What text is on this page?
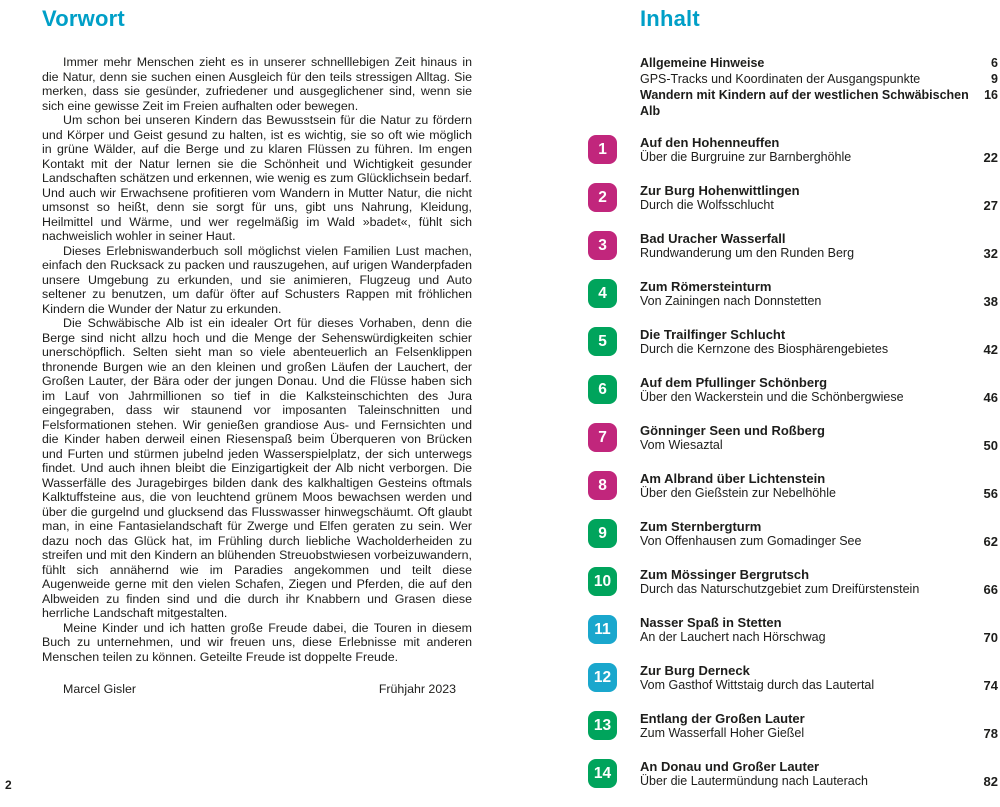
Vorwort

Immer mehr Menschen zieht es in unserer schnelllebigen Zeit hinaus in die Natur, denn sie suchen einen Ausgleich für den teils stressigen Alltag. Sie merken, dass sie gesünder, zufriedener und ausgeglichener sind, wenn sie sich eine gewisse Zeit im Freien aufhalten oder bewegen.

Um schon bei unseren Kindern das Bewusstsein für die Natur zu fördern und Körper und Geist gesund zu halten, ist es wichtig, sie so oft wie möglich in grüne Wälder, auf die Berge und zu klaren Flüssen zu führen. Im engen Kontakt mit der Natur lernen sie die Schönheit und Wichtigkeit gesunder Landschaften schätzen und erkennen, wie wenig es zum Glücklichsein bedarf. Und auch wir Erwachsene profitieren vom Wandern in Mutter Natur, die nicht umsonst so heißt, denn sie sorgt für uns, gibt uns Nahrung, Kleidung, Heilmittel und Wärme, und wer regelmäßig im Wald »badet«, fühlt sich nachweislich wohler in seiner Haut.

Dieses Erlebniswanderbuch soll möglichst vielen Familien Lust machen, einfach den Rucksack zu packen und rauszugehen, auf urigen Wanderpfaden unsere Umgebung zu erkunden, und sie animieren, Flugzeug und Auto seltener zu benutzen, um dafür öfter auf Schusters Rappen mit fröhlichen Kindern die Wunder der Natur zu erkunden.

Die Schwäbische Alb ist ein idealer Ort für dieses Vorhaben, denn die Berge sind nicht allzu hoch und die Menge der Sehenswürdigkeiten schier unerschöpflich. Selten sieht man so viele abenteuerlich an Felsenklippen thronende Burgen wie an den kleinen und großen Läufen der Lauchert, der Großen Lauter, der Bära oder der jungen Donau. Und die Flüsse haben sich im Lauf von Jahrmillionen so tief in die Kalksteinschichten des Jura eingegraben, dass wir staunend vor imposanten Taleinschnitten und Felsformationen stehen. Wir genießen grandiose Aus- und Fernsichten und die Kinder haben derweil einen Riesenspaß beim Überqueren von Brücken und Furten und stürmen jubelnd jeden Wasserspielplatz, der sich unterwegs findet. Und auch ihnen bleibt die Einzigartigkeit der Alb nicht verborgen. Die Wasserfälle des Juragebirges bilden dank des kalkhaltigen Gesteins oftmals Kalktuffsteine aus, die von leuchtend grünem Moos bewachsen werden und über die gurgelnd und glucksend das Flusswasser hinwegschäumt. Oft glaubt man, in eine Fantasielandschaft für Zwerge und Elfen geraten zu sein. Wer dazu noch das Glück hat, im Frühling durch liebliche Wacholderheiden zu streifen und mit den Kindern an blühenden Streuobstwiesen vorbeizuwandern, fühlt sich annähernd wie im Paradies angekommen und teilt diese Augenweide gerne mit den vielen Schafen, Ziegen und Pferden, die auf den Albweiden zu finden sind und die durch ihr Knabbern und Grasen diese herrliche Landschaft mitgestalten.

Meine Kinder und ich hatten große Freude dabei, die Touren in diesem Buch zu unternehmen, und wir freuen uns, diese Erlebnisse mit anderen Menschen teilen zu können. Geteilte Freude ist doppelte Freude.

Marcel Gisler	Frühjahr 2023
Inhalt
Allgemeine Hinweise	6
GPS-Tracks und Koordinaten der Ausgangspunkte	9
Wandern mit Kindern auf der westlichen Schwäbischen Alb
16
1	Auf den Hohenneuffen
Über die Burgruine zur Barnberghöhle	22
2	Zur Burg Hohenwittlingen
Durch die Wolfsschlucht	27
3	Bad Uracher Wasserfall
Rundwanderung um den Runden Berg	32
4	Zum Römersteinturm
Von Zainingen nach Donnstetten	38
5	Die Trailfinger Schlucht
Durch die Kernzone des Biosphärengebietes	42
6	Auf dem Pfullinger Schönberg
Über den Wackerstein und die Schönbergwiese	46
7	Gönninger Seen und Roßberg
Vom Wiesaztal	50
8	Am Albrand über Lichtenstein
Über den Gießstein zur Nebelhöhle	56
9	Zum Sternbergturm
Von Offenhausen zum Gomadinger See	62
10	Zum Mössinger Bergrutsch
Durch das Naturschutzgebiet zum Dreifürstenstein	66
11	Nasser Spaß in Stetten
An der Lauchert nach Hörschwag	70
12	Zur Burg Derneck
Vom Gasthof Wittstaig durch das Lautertal	74
13	Entlang der Großen Lauter
Zum Wasserfall Hoher Gießel	78
14	An Donau und Großer Lauter
Über die Lautermündung nach Lauterach	82
2
